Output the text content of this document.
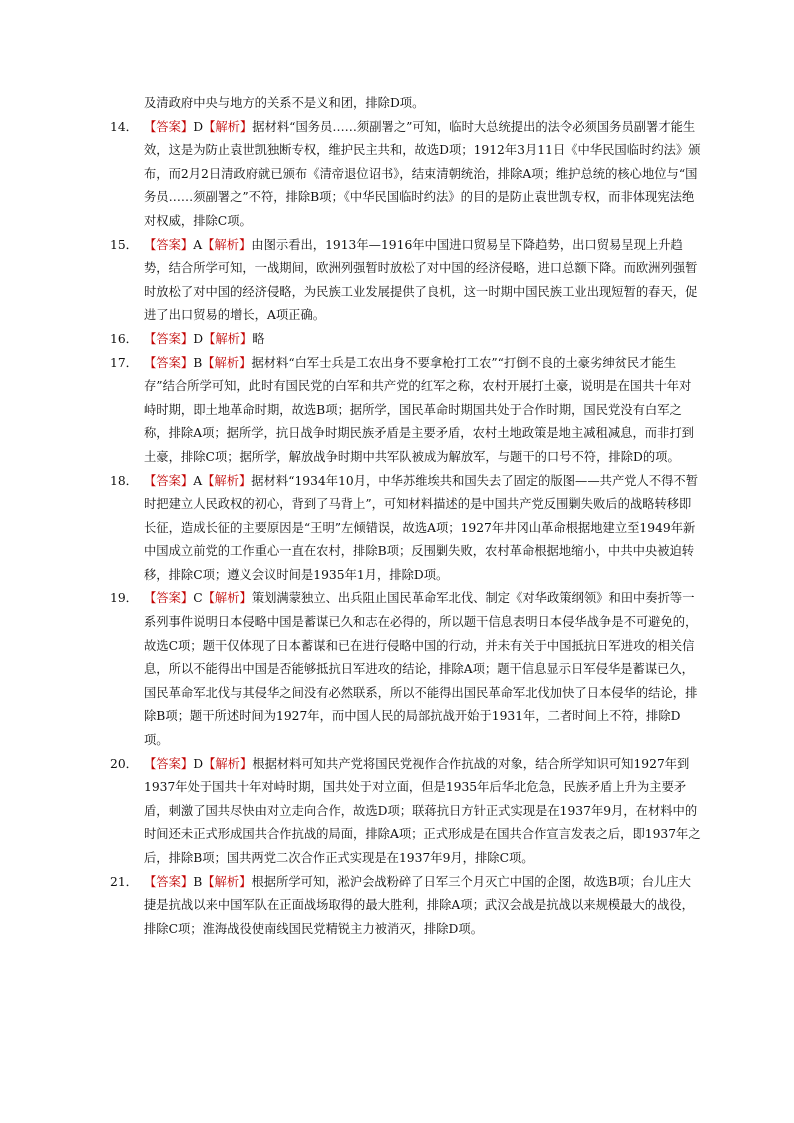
及清政府中央与地方的关系不是义和团，排除D项。

14． 【答案】D【解析】据材料“国务员……须副署之”可知，临时大总统提出的法令必须国务员副署才能生效，这是为防止袁世凯独断专权，维护民主共和，故选D项；1912年3月11日《中华民国临时约法》颁布，而2月2日清政府就已颁布《清帝退位诏书》，结束清朝统治，排除A项；维护总统的核心地位与“国务员……须副署之”不符，排除B项；《中华民国临时约法》的目的是防止袁世凯专权，而非体现宪法绝对权威，排除C项。

15． 【答案】A【解析】由图示看出，1913年—1916年中国进口贸易呈下降趋势，出口贸易呈现上升趋势，结合所学可知，一战期间，欧洲列强暂时放松了对中国的经济侵略，进口总额下降。而欧洲列强暂时放松了对中国的经济侵略，为民族工业发展提供了良机，这一时期中国民族工业出现短暂的春天，促进了出口贸易的增长，A项正确。

16． 【答案】D【解析】略

17． 【答案】B【解析】据材料“白军士兵是工农出身不要拿枪打工农”“打倒不良的土豪劣绅贫民才能生存”结合所学可知，此时有国民党的白军和共产党的红军之称，农村开展打土豪，说明是在国共十年对峙时期，即土地革命时期，故选B项；据所学，国民革命时期国共处于合作时期，国民党没有白军之称，排除A项；据所学，抗日战争时期民族矛盾是主要矛盾，农村土地政策是地主减租减息，而非打到土豪，排除C项；据所学，解放战争时期中共军队被成为解放军，与题干的口号不符，排除D的项。

18． 【答案】A【解析】据材料“1934年10月，中华苏维埃共和国失去了固定的版图——共产党人不得不暂时把建立人民政权的初心，背到了马背上”，可知材料描述的是中国共产党反围剿失败后的战略转移即长征，造成长征的主要原因是“王明”左倾错误，故选A项；1927年井冈山革命根据地建立至1949年新中国成立前党的工作重心一直在农村，排除B项；反围剿失败，农村革命根据地缩小，中共中央被迫转移，排除C项；遵义会议时间是1935年1月，排除D项。

19． 【答案】C【解析】策划满蒙独立、出兵阻止国民革命军北伐、制定《对华政策纲领》和田中奏折等一系列事件说明日本侵略中国是蓄谋已久和志在必得的，所以题干信息表明日本侵华战争是不可避免的，故选C项；题干仅体现了日本蓄谋和已在进行侵略中国的行动，并未有关于中国抵抗日军进攻的相关信息，所以不能得出中国是否能够抵抗日军进攻的结论，排除A项；题干信息显示日军侵华是蓄谋已久，国民革命军北伐与其侵华之间没有必然联系，所以不能得出国民革命军北伐加快了日本侵华的结论，排除B项；题干所述时间为1927年，而中国人民的局部抗战开始于1931年，二者时间上不符，排除D项。

20． 【答案】D【解析】根据材料可知共产党将国民党视作合作抗战的对象，结合所学知识可知1927年到1937年处于国共十年对峙时期，国共处于对立面，但是1935年后华北危急，民族矛盾上升为主要矛盾，刺激了国共尽快由对立走向合作，故选D项；联蒋抗日方针正式实现是在1937年9月，在材料中的时间还未正式形成国共合作抗战的局面，排除A项；正式形成是在国共合作宣言发表之后，即1937年之后，排除B项；国共两党二次合作正式实现是在1937年9月，排除C项。

21． 【答案】B【解析】根据所学可知，淞沪会战粉碎了日军三个月灭亡中国的企图，故选B项；台儿庄大捷是抗战以来中国军队在正面战场取得的最大胜利，排除A项；武汉会战是抗战以来规模最大的战役，排除C项；淮海战役使南线国民党精锐主力被消灭，排除D项。
